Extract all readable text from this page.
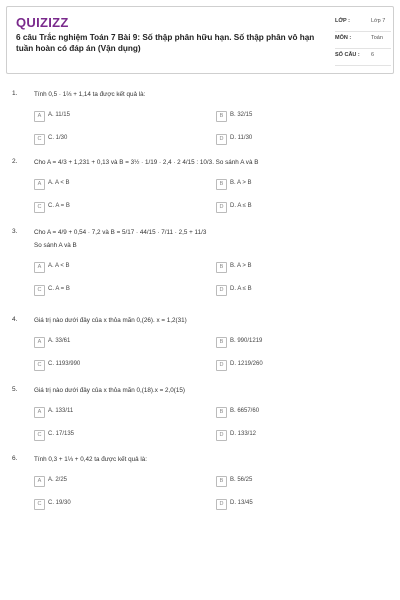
QUIZIZZ
6 câu Trắc nghiệm Toán 7 Bài 9: Số thập phân hữu hạn. Số thập phân vô hạn tuần hoàn có đáp án (Vận dụng)
LỚP :	Lớp 7
MÔN :	Toán
SỐ CÂU : 6
1.	Tính 0,5 · 1⅔ + 1,14 ta được kết quả là:
A	A. 11/15	B	B. 32/15
C	C. 1/30	D	D. 11/30
2.	Cho A = 4/3 + 1,231 + 0,13 và B = 3½ · 1/19 · 2,4 · 2 4/15 : 10/3. So sánh A và B
A	A. A < B	B	B. A > B
C	C. A = B	D	D. A ≤ B
3.	Cho A = 4/9 + 0,54 · 7,2 và B = 5/17 · 44/15 · 7/11 · 2,5 + 11/3
So sánh A và B
A	A. A < B	B	B. A > B
C	C. A = B	D	D. A ≤ B
4.	Giá trị nào dưới đây của x thỏa mãn 0,(26). x = 1,2(31)
A	A. 33/61	B	B. 990/1219
C	C. 1193/990	D	D. 1219/260
5.	Giá trị nào dưới đây của x thỏa mãn 0,(18).x = 2,0(15)
A	A. 133/11	B	B. 6657/60
C	C. 17/135	D	D. 133/12
6.	Tính 0,3 + 1⅓ + 0,42 ta được kết quả là:
A	A. 2/25	B	B. 56/25
C	C. 19/30	D	D. 13/45
